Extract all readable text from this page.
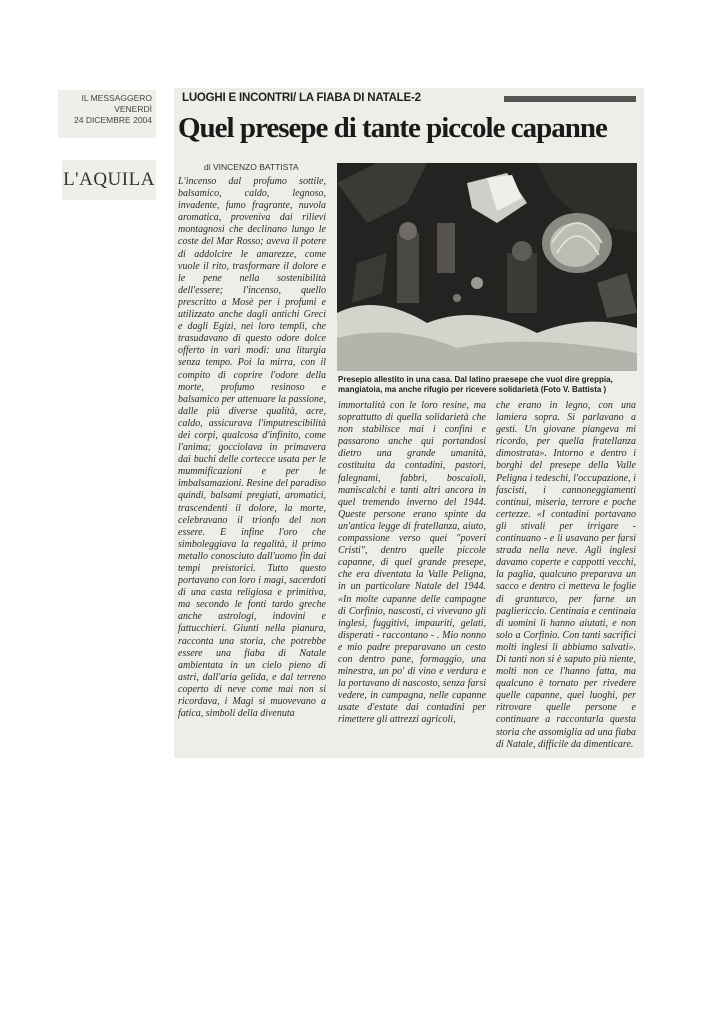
IL MESSAGGERO
VENERDÌ
24 DICEMBRE 2004
L'AQUILA
LUOGHI E INCONTRI/ LA FIABA DI NATALE-2
Quel presepe di tante piccole capanne
di VINCENZO BATTISTA
L'incenso dal profumo sottile, balsamico, caldo, legnoso, invadente, fumo fragrante, nuvola aromatica, proveniva dai rilievi montagnosi che declinano lungo le coste del Mar Rosso; aveva il potere di addolcire le amarezze, come vuole il rito, trasformare il dolore e le pene nella sostenibilità dell'essere; l'incenso, quello prescritto a Mosè per i profumi e utilizzato anche dagli antichi Greci e dagli Egizi, nei loro templi, che trasudavano di questo odore dolce offerto in vari modi: una liturgia senza tempo. Poi la mirra, con il compito di coprire l'odore della morte, profumo resinoso e balsamico per attenuare la passione, dalle più diverse qualità, acre, caldo, assicurava l'imputrescibilità dei corpi, qualcosa d'infinito, come l'anima; gocciolava in primavera dai buchi delle cortecce usata per le mummificazioni e per le imbalsamazioni. Resine del paradiso quindi, balsami pregiati, aromatici, trascendenti il dolore, la morte, celebravano il trionfo del non essere. E infine l'oro che simboleggiava la regalità, il primo metallo conosciuto dall'uomo fin dai tempi preistorici. Tutto questo portavano con loro i magi, sacerdoti di una casta religiosa e primitiva, ma secondo le fonti tardo greche anche astrologi, indovini e fattucchieri. Giunti nella pianura, racconta una storia, che potrebbe essere una fiaba di Natale ambientata in un cielo pieno di astri, dall'aria gelida, e dal terreno coperto di neve come mai non si ricordava, i Magi si muovevano a fatica, simboli della divenuta
Presepio allestito in una casa. Dal latino praesepe che vuol dire greppia, mangiatoia, ma anche rifugio per ricevere solidarietà (Foto V. Battista )
immortalità con le loro resine, ma soprattutto di quella solidarietà che non stabilisce mai i confini e passarono anche qui portandosi dietro una grande umanità, costituita da contadini, pastori, falegnami, fabbri, boscaioli, maniscalchi e tanti altri ancora in quel tremendo inverno del 1944. Queste persone erano spinte da un'antica legge di fratellanza, aiuto, compassione verso quei "poveri Cristi", dentro quelle piccole capanne, di quel grande presepe, che era diventata la Valle Peligna, in un particolare Natale del 1944. «In molte capanne delle campagne di Corfinio, nascosti, ci vivevano gli inglesi, fuggitivi, impauriti, gelati, disperati - raccontano - . Mio nonno e mio padre preparavano un cesto con dentro pane, formaggio, una minestra, un po' di vino e verdura e la portavano di nascosto, senza farsi vedere, in campagna, nelle capanne usate d'estate dai contadini per rimettere gli attrezzi agricoli,
che erano in legno, con una lamiera sopra. Si parlavano a gesti. Un giovane piangeva mi ricordo, per quella fratellanza dimostrata». Intorno e dentro i borghi del presepe della Valle Peligna i tedeschi, l'occupazione, i fascisti, i cannoneggiamenti continui, miseria, terrore e poche certezze. «I contadini portavano gli stivali per irrigare - continuano - e li usavano per farsi strada nella neve. Agli inglesi davamo coperte e cappotti vecchi, la paglia, qualcuno preparava un sacco e dentro ci metteva le foglie di granturco, per farne un pagliericcio. Centinaia e centinaia di uomini li hanno aiutati, e non solo a Corfinio. Con tanti sacrifici molti inglesi li abbiamo salvati». Di tanti non si è saputo più niente, molti non ce l'hanno fatta, ma qualcuno è tornato per rivedere quelle capanne, quei luoghi, per ritrovare quelle persone e continuare a raccontarla questa storia che assomiglia ad una fiaba di Natale, difficile da dimenticare.
